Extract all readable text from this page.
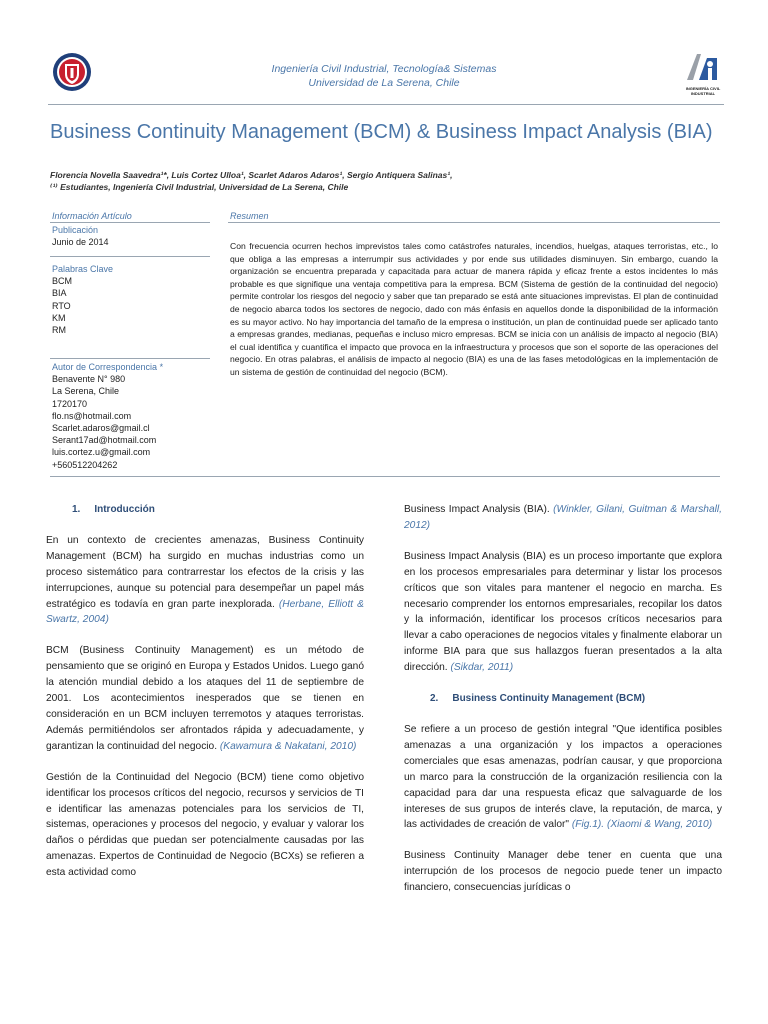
Ingeniería Civil Industrial, Tecnología& Sistemas
Universidad de La Serena, Chile	INGENIERÍA CIVIL
INDUSTRIAL
Business Continuity Management (BCM) & Business Impact Analysis (BIA)
Florencia Novella Saavedra¹*, Luis Cortez Ulloa¹, Scarlet Adaros Adaros¹, Sergio Antiquera Salinas¹,
⁽¹⁾ Estudiantes, Ingeniería Civil Industrial, Universidad de La Serena, Chile
Información Artículo
Publicación
Junio de 2014
Palabras Clave
BCM
BIA
RTO
KM
RM
Autor de Correspondencia *
Benavente N° 980
La Serena, Chile
1720170
flo.ns@hotmail.com
Scarlet.adaros@gmail.cl
Serant17ad@hotmail.com
luis.cortez.u@gmail.com
+560512204262
Resumen
Con frecuencia ocurren hechos imprevistos tales como catástrofes naturales, incendios, huelgas, ataques terroristas, etc., lo que obliga a las empresas a interrumpir sus actividades y por ende sus utilidades disminuyen. Sin embargo, cuando la organización se encuentra preparada y capacitada para actuar de manera rápida y eficaz frente a estos incidentes lo más probable es que signifique una ventaja competitiva para la empresa. BCM (Sistema de gestión de la continuidad del negocio) permite controlar los riesgos del negocio y saber que tan preparado se está ante situaciones imprevistas. El plan de continuidad de negocio abarca todos los sectores de negocio, dado con más énfasis en aquellos donde la disponibilidad de la información es su mayor activo. No hay importancia del tamaño de la empresa o institución, un plan de continuidad puede ser aplicado tanto a empresas grandes, medianas, pequeñas e incluso micro empresas. BCM se inicia con un análisis de impacto al negocio (BIA) el cual identifica y cuantifica el impacto que provoca en la infraestructura y procesos que son el soporte de las operaciones del negocio. En otras palabras, el análisis de impacto al negocio (BIA) es una de las fases metodológicas en la implementación de un sistema de gestión de continuidad del negocio (BCM).
1. Introducción

En un contexto de crecientes amenazas, Business Continuity Management (BCM) ha surgido en muchas industrias como un proceso sistemático para contrarrestar los efectos de la crisis y las interrupciones, aunque su potencial para desempeñar un papel más estratégico es todavía en gran parte inexplorada. (Herbane, Elliott & Swartz, 2004)

BCM (Business Continuity Management) es un método de pensamiento que se originó en Europa y Estados Unidos. Luego ganó la atención mundial debido a los ataques del 11 de septiembre de 2001. Los acontecimientos inesperados que se tienen en consideración en un BCM incluyen terremotos y ataques terroristas. Además permitiéndolos ser afrontados rápida y adecuadamente, y garantizan la continuidad del negocio. (Kawamura & Nakatani, 2010)

Gestión de la Continuidad del Negocio (BCM) tiene como objetivo identificar los procesos críticos del negocio, recursos y servicios de TI e identificar las amenazas potenciales para los servicios de TI, sistemas, operaciones y procesos del negocio, y evaluar y valorar los daños o pérdidas que puedan ser potencialmente causadas por las amenazas. Expertos de Continuidad de Negocio (BCXs) se refieren a esta actividad como

Business Impact Analysis (BIA). (Winkler, Gilani, Guitman & Marshall, 2012)

Business Impact Analysis (BIA) es un proceso importante que explora en los procesos empresariales para determinar y listar los procesos críticos que son vitales para mantener el negocio en marcha. Es necesario comprender los entornos empresariales, recopilar los datos y la información, identificar los procesos críticos necesarios para llevar a cabo operaciones de negocios vitales y finalmente elaborar un informe BIA para que sus hallazgos fueran presentados a la alta dirección. (Sikdar, 2011)

2. Business Continuity Management (BCM)

Se refiere a un proceso de gestión integral "Que identifica posibles amenazas a una organización y los impactos a operaciones comerciales que esas amenazas, podrían causar, y que proporciona un marco para la construcción de la organización resiliencia con la capacidad para dar una respuesta eficaz que salvaguarde de los intereses de sus grupos de interés clave, la reputación, de marca, y las actividades de creación de valor" (Fig.1). (Xiaomi & Wang, 2010)

Business Continuity Manager debe tener en cuenta que una interrupción de los procesos de negocio puede tener un impacto financiero, consecuencias jurídicas o
